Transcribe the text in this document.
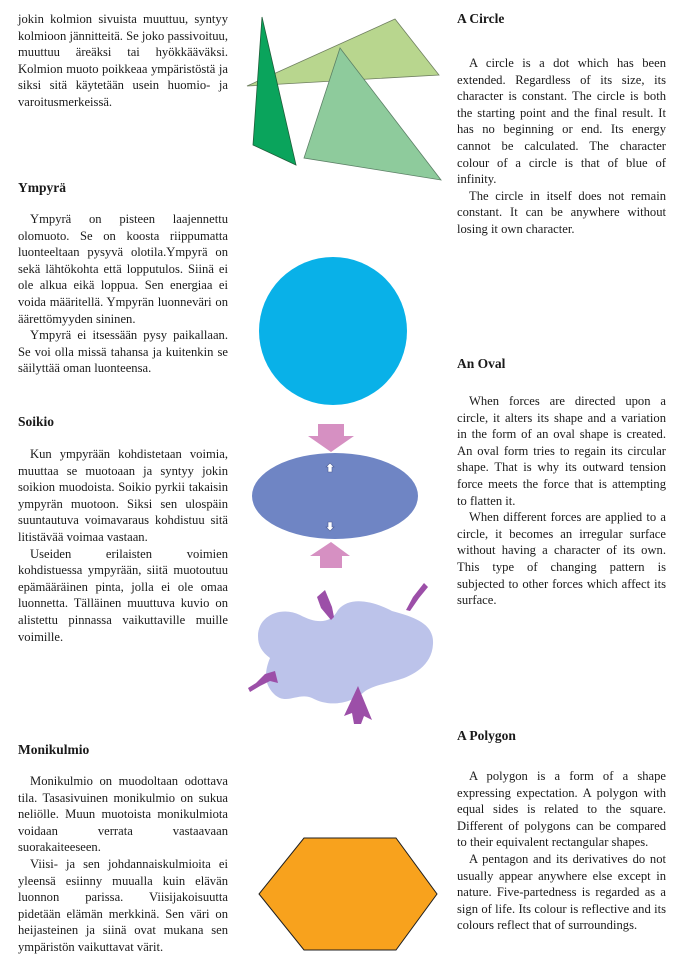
jokin kolmion sivuista muuttuu, syntyy kolmioon jännitteitä. Se joko passivoituu, muuttuu äreäksi tai hyökkääväksi. Kolmion muoto poikkeaa ympäristöstä ja siksi sitä käytetään usein huomio- ja varoitusmerkeissä.

Ympyrä

Ympyrä on pisteen laajennettu olomuoto. Se on koosta riippumatta luonteeltaan pysyvä olotila.Ympyrä on sekä lähtökohta että lopputulos. Siinä ei ole alkua eikä loppua. Sen energiaa ei voida määritellä. Ympyrän luonneväri on äärettömyyden sininen.

Ympyrä ei itsessään pysy paikallaan. Se voi olla missä tahansa ja kuitenkin se säilyttää oman luonteensa.

Soikio

Kun ympyrään kohdistetaan voimia, muuttaa se muotoaan ja syntyy jokin soikion muodoista. Soikio pyrkii takaisin ympyrän muotoon. Siksi sen ulospäin suuntautuva voimavaraus kohdistuu sitä litistävää voimaa vastaan.

Useiden erilaisten voimien kohdistuessa ympyrään, siitä muotoutuu epämääräinen pinta, jolla ei ole omaa luonnetta. Tälläinen muuttuva kuvio on alistettu pinnassa vaikuttaville muille voimille.

Monikulmio

Monikulmio on muodoltaan odottava tila. Tasasivuinen monikulmio on sukua neliölle. Muun muotoista monikulmiota voidaan verrata vastaavaan suorakaiteeseen.

Viisi- ja sen johdannaiskulmioita ei yleensä esiinny muualla kuin elävän luonnon parissa. Viisijakoisuutta pidetään elämän merkkinä. Sen väri on heijasteinen ja siinä ovat mukana sen ympäristön vaikuttavat värit.

A Circle

A circle is a dot which has been extended. Regardless of its size, its character is constant. The circle is both the starting point and the final result. It has no beginning or end. Its energy cannot be calculated. The character colour of a circle is that of blue of infinity.

The circle in itself does not remain constant. It can be anywhere without losing it own character.

An Oval

When forces are directed upon a circle, it alters its shape and a variation in the form of an oval shape is created. An oval form tries to regain its circular shape. That is why its outward tension force meets the force that is attempting to flatten it.

When different forces are applied to a circle, it becomes an irregular surface without having a character of its own. This type of changing pattern is subjected to other forces which affect its surface.

A Polygon

A polygon is a form of a shape expressing expectation. A polygon with equal sides is related to the square. Different of polygons can be compared to their equivalent rectangular shapes.

A pentagon and its derivatives do not usually appear anywhere else except in nature. Five-partedness is regarded as a sign of life. Its colour is reflective and its colours reflect that of surroundings.
